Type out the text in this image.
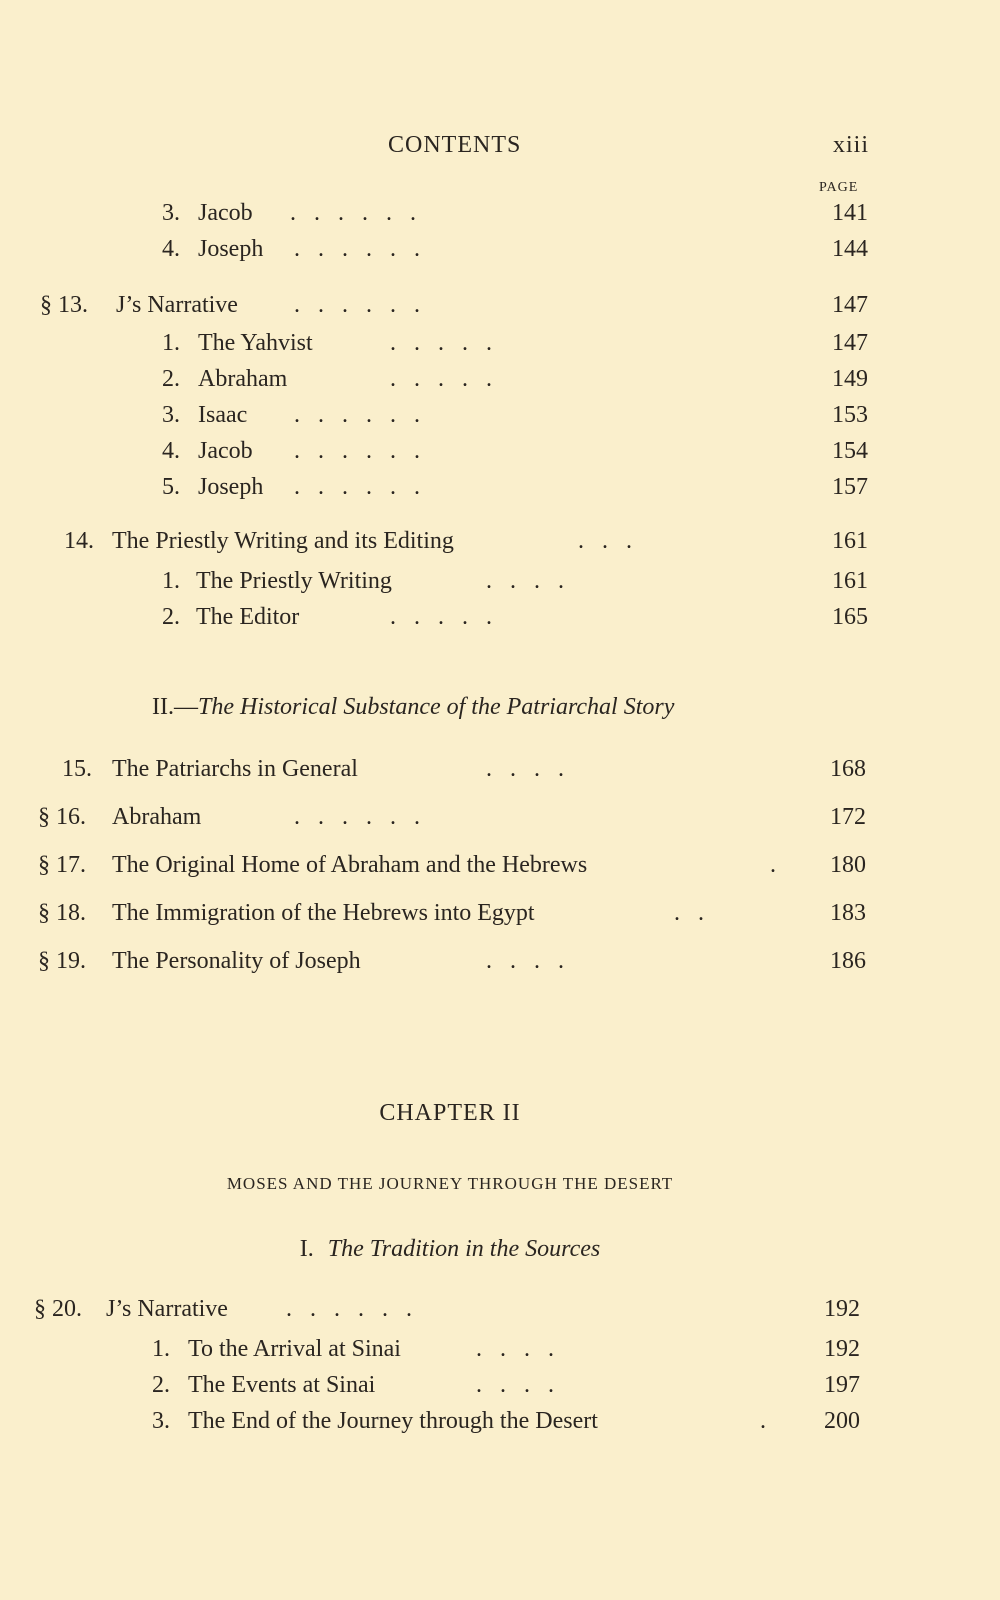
CONTENTS	xiii
PAGE
3. Jacob .   .   .   .   .   .	141
4. Joseph .   .   .   .   .   .	144
§ 13. J’s Narrative .   .   .   .   .   .	147
1. The Yahvist	.   .   .   .   .	147
2. Abraham	.   .   .   .   .	149
3. Isaac .   .   .   .   .   .	153
4. Jacob .   .   .   .   .   .	154
5. Joseph .   .   .   .   .   .	157
14. The Priestly Writing and its Editing	.   .   .	161
1. The Priestly Writing	.   .   .   .	161
2. The Editor	.   .   .   .   .	165
II.—The Historical Substance of the Patriarchal Story
15. The Patriarchs in General	.   .   .   .	168
§ 16. Abraham	.   .   .   .   .   .	172
§ 17. The Original Home of Abraham and the Hebrews	.	180
§ 18. The Immigration of the Hebrews into Egypt	.   .	183
§ 19. The Personality of Joseph	.   .   .   .	186
CHAPTER II
MOSES AND THE JOURNEY THROUGH THE DESERT
I. The Tradition in the Sources
§ 20. J’s Narrative .   .   .   .   .   .	192
1. To the Arrival at Sinai	.   .   .   .	192
2. The Events at Sinai	.   .   .   .	197
3. The End of the Journey through the Desert	.	200
